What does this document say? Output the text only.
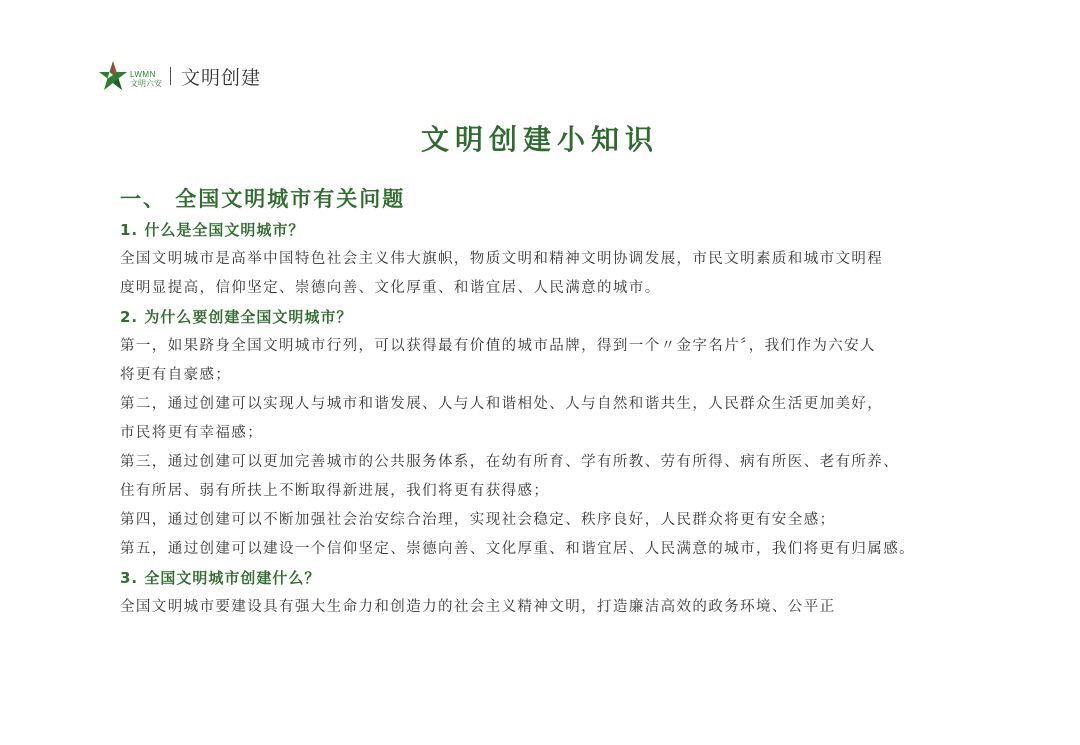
LWMN
文明六安 文明创建
文明创建小知识
一、 全国文明城市有关问题
1. 什么是全国文明城市？
全国文明城市是高举中国特色社会主义伟大旗帜，物质文明和精神文明协调发展，市民文明素质和城市文明程
度明显提高，信仰坚定、崇德向善、文化厚重、和谐宜居、人民满意的城市。
2. 为什么要创建全国文明城市？
第一，如果跻身全国文明城市行列，可以获得最有价值的城市品牌，得到一个〃金字名片〞，我们作为六安人
将更有自豪感；
第二，通过创建可以实现人与城市和谐发展、人与人和谐相处、人与自然和谐共生，人民群众生活更加美好，
市民将更有幸福感；
第三，通过创建可以更加完善城市的公共服务体系，在幼有所育、学有所教、劳有所得、病有所医、老有所养、
住有所居、弱有所扶上不断取得新进展，我们将更有获得感；
第四，通过创建可以不断加强社会治安综合治理，实现社会稳定、秩序良好，人民群众将更有安全感；
第五，通过创建可以建设一个信仰坚定、崇德向善、文化厚重、和谐宜居、人民满意的城市，我们将更有归属感。
3. 全国文明城市创建什么？
全国文明城市要建设具有强大生命力和创造力的社会主义精神文明，打造廉洁高效的政务环境、公平正
